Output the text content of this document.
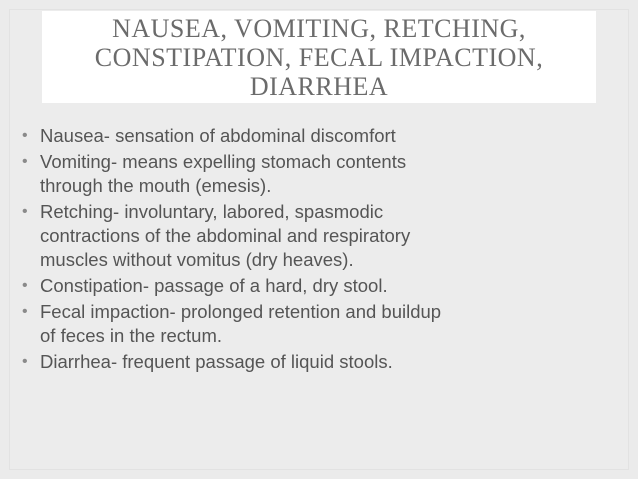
NAUSEA, VOMITING, RETCHING,
CONSTIPATION, FECAL IMPACTION,
DIARRHEA
• Nausea- sensation of abdominal discomfort
• Vomiting- means expelling stomach contents
through the mouth (emesis).
• Retching- involuntary, labored, spasmodic
contractions of the abdominal and respiratory
muscles without vomitus (dry heaves).
• Constipation- passage of a hard, dry stool.
• Fecal impaction- prolonged retention and buildup
of feces in the rectum.
• Diarrhea- frequent passage of liquid stools.
